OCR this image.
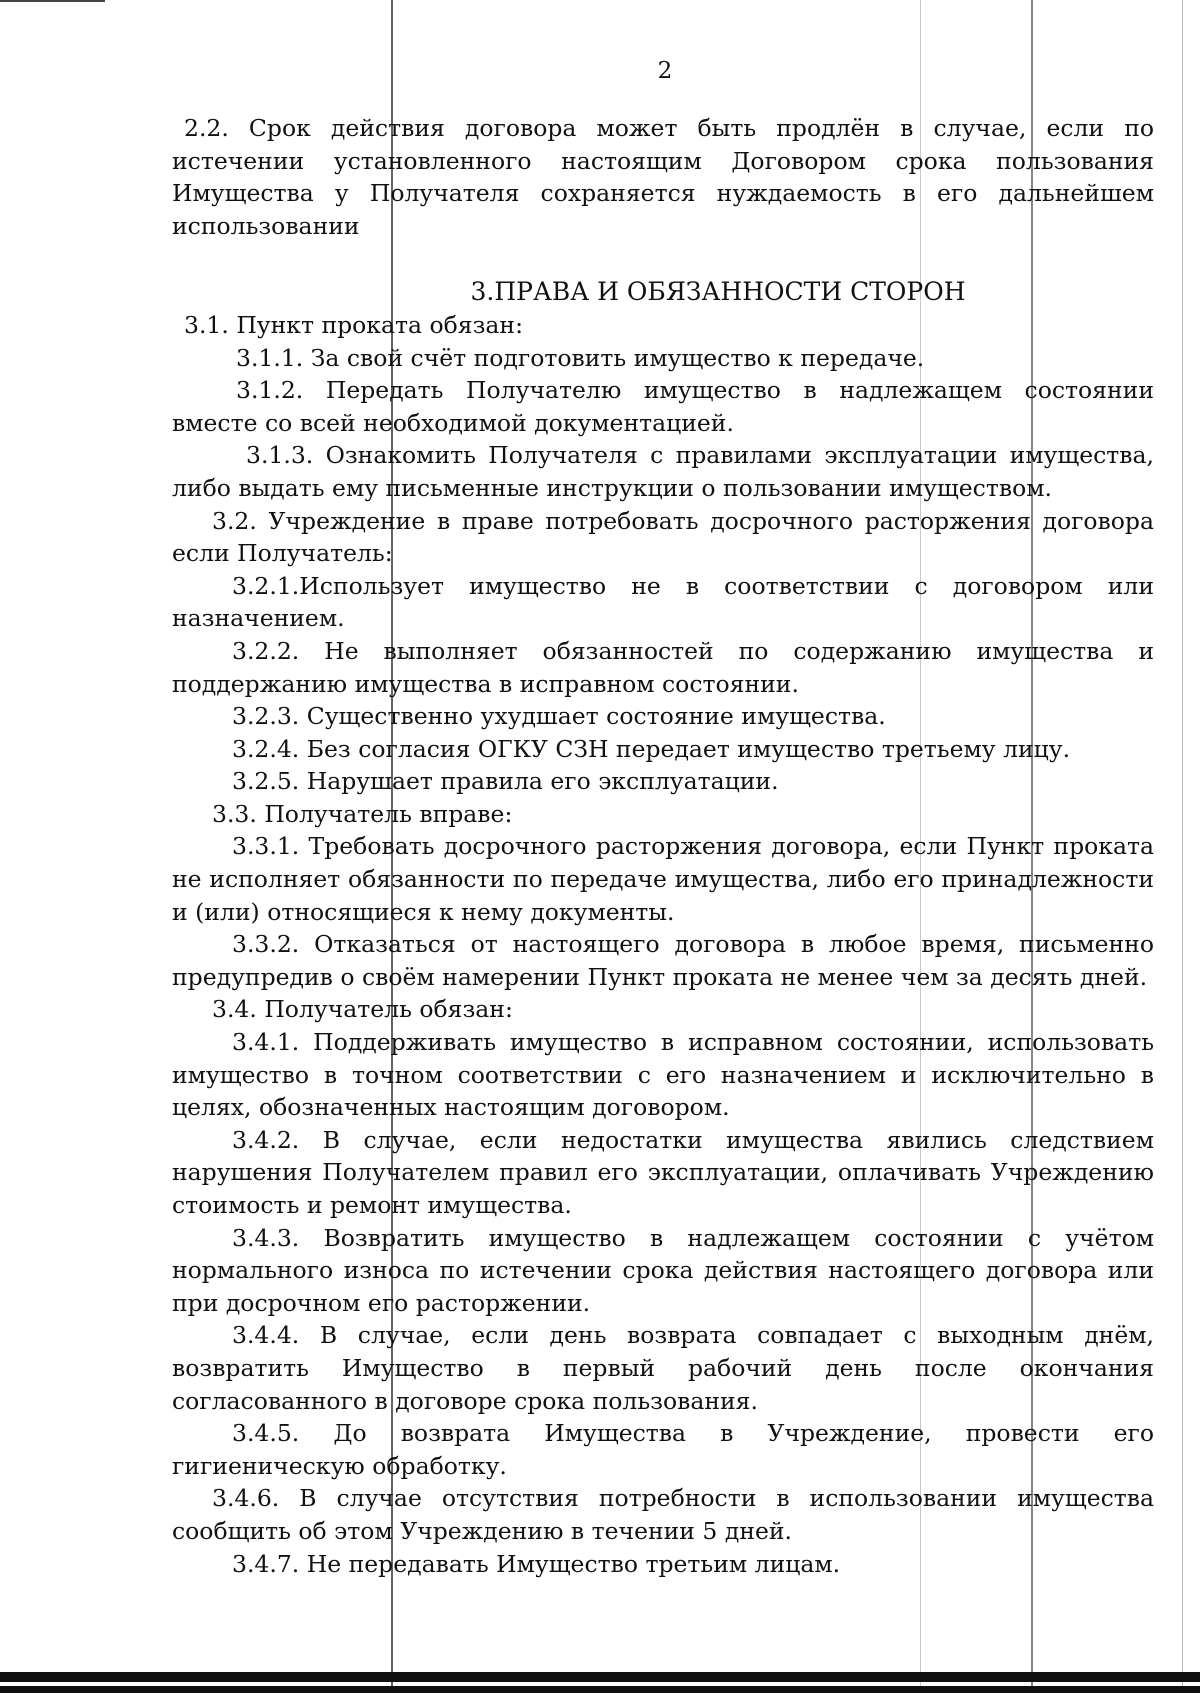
2

2.2. Срок действия договора может быть продлён в случае, если по истечении установленного настоящим Договором срока пользования Имущества у Получателя сохраняется нуждаемость в его дальнейшем использовании

3.ПРАВА И ОБЯЗАННОСТИ СТОРОН

3.1. Пункт проката обязан:

3.1.1. За свой счёт подготовить имущество к передаче.

3.1.2. Передать Получателю имущество в надлежащем состоянии вместе со всей необходимой документацией.

3.1.3. Ознакомить Получателя с правилами эксплуатации имущества, либо выдать ему письменные инструкции о пользовании имуществом.

3.2. Учреждение в праве потребовать досрочного расторжения договора если Получатель:

3.2.1.Использует имущество не в соответствии с договором или назначением.

3.2.2. Не выполняет обязанностей по содержанию имущества и поддержанию имущества в исправном состоянии.

3.2.3. Существенно ухудшает состояние имущества.

3.2.4. Без согласия ОГКУ СЗН передает имущество третьему лицу.

3.2.5. Нарушает правила его эксплуатации.

3.3. Получатель вправе:

3.3.1. Требовать досрочного расторжения договора, если Пункт проката не исполняет обязанности по передаче имущества, либо его принадлежности и (или) относящиеся к нему документы.

3.3.2. Отказаться от настоящего договора в любое время, письменно предупредив о своём намерении Пункт проката не менее чем за десять дней.

3.4. Получатель обязан:

3.4.1. Поддерживать имущество в исправном состоянии, использовать имущество в точном соответствии с его назначением и исключительно в целях, обозначенных настоящим договором.

3.4.2. В случае, если недостатки имущества явились следствием нарушения Получателем правил его эксплуатации, оплачивать Учреждению стоимость и ремонт имущества.

3.4.3. Возвратить имущество в надлежащем состоянии с учётом нормального износа по истечении срока действия настоящего договора или при досрочном его расторжении.

3.4.4. В случае, если день возврата совпадает с выходным днём, возвратить Имущество в первый рабочий день после окончания согласованного в договоре срока пользования.

3.4.5. До возврата Имущества в Учреждение, провести его гигиеническую обработку.

3.4.6. В случае отсутствия потребности в использовании имущества сообщить об этом Учреждению в течении 5 дней.

3.4.7. Не передавать Имущество третьим лицам.
